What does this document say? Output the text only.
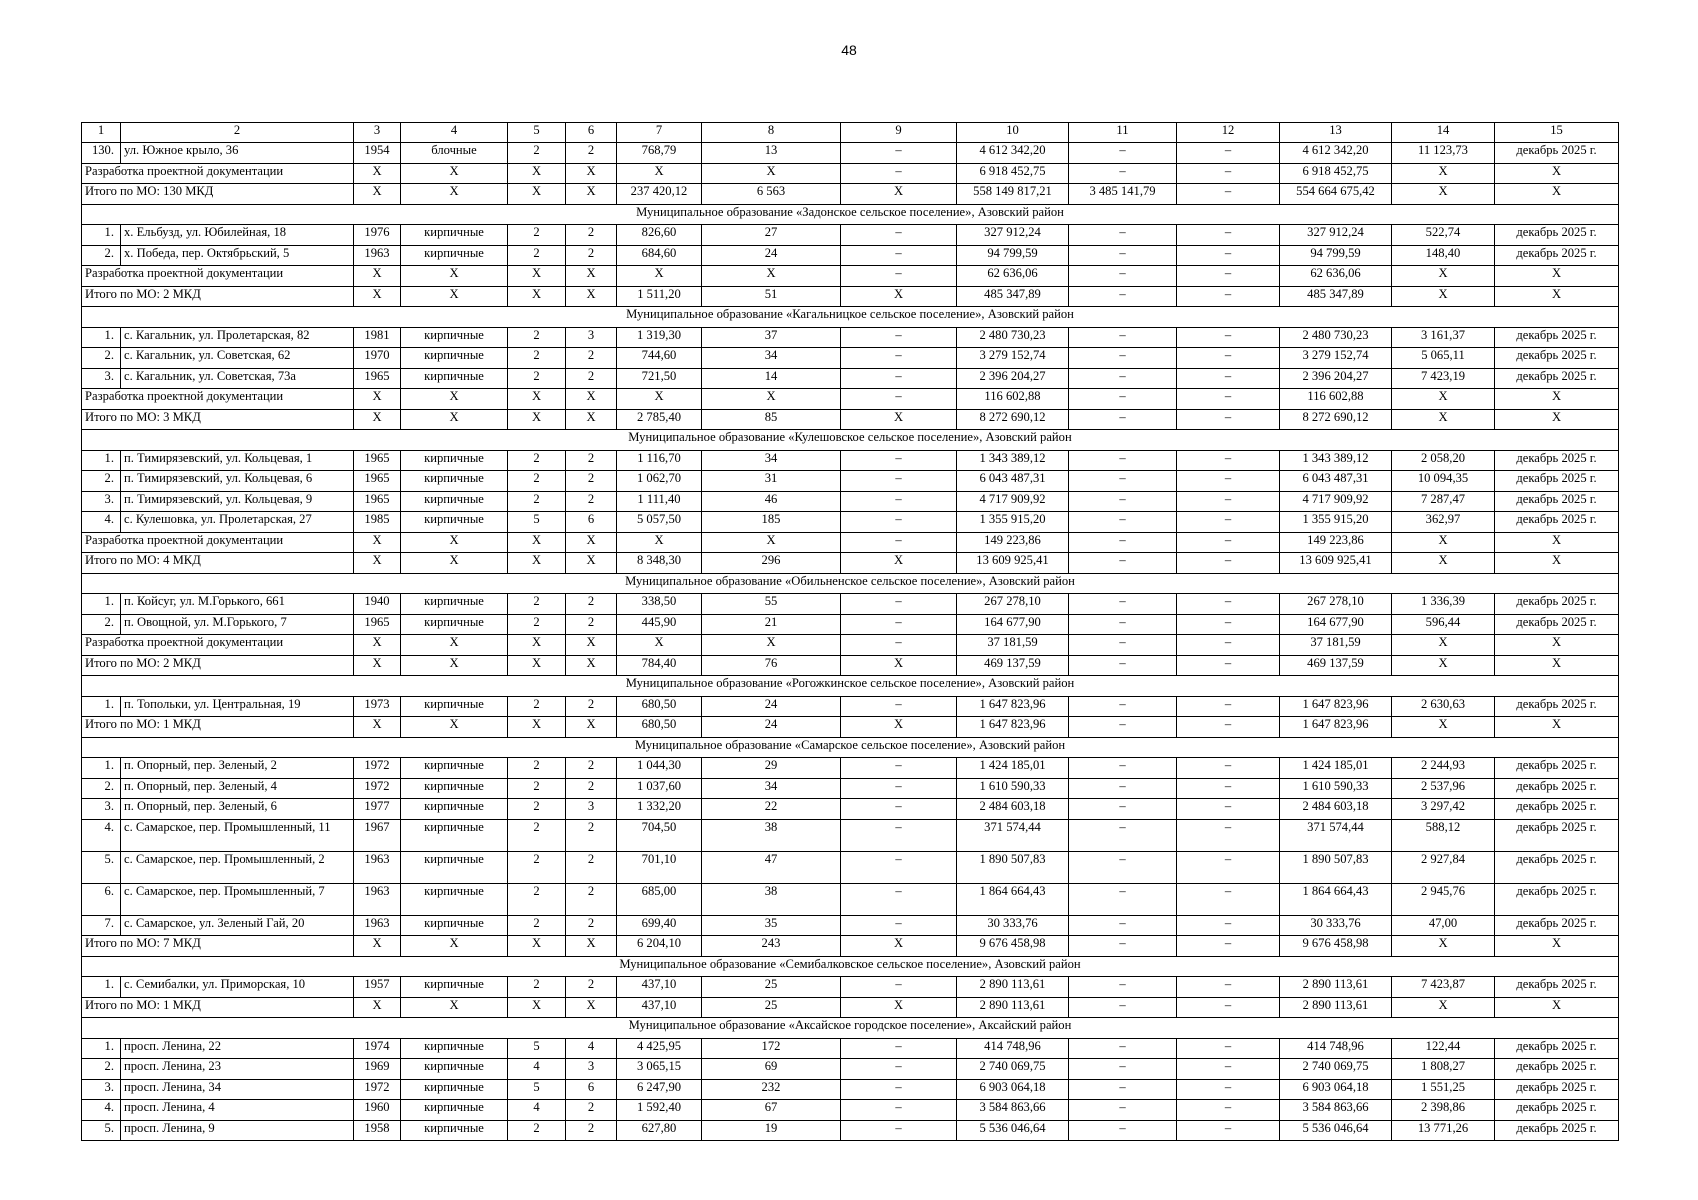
48
1	2	3	4	5	6	7	8	9	10	11	12	13	14	15
130.	ул. Южное крыло, 36	1954	блочные	2	2	768,79	13	–	4 612 342,20	–	–	4 612 342,20	11 123,73	декабрь 2025 г.
Разработка проектной документации		X	X	X	X	X	X	–	6 918 452,75	–	–	6 918 452,75	X	X
Итого по МО: 130 МКД		X	X	X	X	237 420,12	6 563	X	558 149 817,21	3 485 141,79	–	554 664 675,42	X	X
Муниципальное образование «Задонское сельское поселение», Азовский район														
1.	х. Ельбузд, ул. Юбилейная, 18	1976	кирпичные	2	2	826,60	27	–	327 912,24	–	–	327 912,24	522,74	декабрь 2025 г.
2.	х. Победа, пер. Октябрьский, 5	1963	кирпичные	2	2	684,60	24	–	94 799,59	–	–	94 799,59	148,40	декабрь 2025 г.
Разработка проектной документации		X	X	X	X	X	X	–	62 636,06	–	–	62 636,06	X	X
Итого по МО: 2 МКД		X	X	X	X	1 511,20	51	X	485 347,89	–	–	485 347,89	X	X
Муниципальное образование «Кагальницкое сельское поселение», Азовский район														
1.	с. Кагальник, ул. Пролетарская, 82	1981	кирпичные	2	3	1 319,30	37	–	2 480 730,23	–	–	2 480 730,23	3 161,37	декабрь 2025 г.
2.	с. Кагальник, ул. Советская, 62	1970	кирпичные	2	2	744,60	34	–	3 279 152,74	–	–	3 279 152,74	5 065,11	декабрь 2025 г.
3.	с. Кагальник, ул. Советская, 73а	1965	кирпичные	2	2	721,50	14	–	2 396 204,27	–	–	2 396 204,27	7 423,19	декабрь 2025 г.
Разработка проектной документации		X	X	X	X	X	X	–	116 602,88	–	–	116 602,88	X	X
Итого по МО: 3 МКД		X	X	X	X	2 785,40	85	X	8 272 690,12	–	–	8 272 690,12	X	X
Муниципальное образование «Кулешовское сельское поселение», Азовский район														
1.	п. Тимирязевский, ул. Кольцевая, 1	1965	кирпичные	2	2	1 116,70	34	–	1 343 389,12	–	–	1 343 389,12	2 058,20	декабрь 2025 г.
2.	п. Тимирязевский, ул. Кольцевая, 6	1965	кирпичные	2	2	1 062,70	31	–	6 043 487,31	–	–	6 043 487,31	10 094,35	декабрь 2025 г.
3.	п. Тимирязевский, ул. Кольцевая, 9	1965	кирпичные	2	2	1 111,40	46	–	4 717 909,92	–	–	4 717 909,92	7 287,47	декабрь 2025 г.
4.	с. Кулешовка, ул. Пролетарская, 27	1985	кирпичные	5	6	5 057,50	185	–	1 355 915,20	–	–	1 355 915,20	362,97	декабрь 2025 г.
Разработка проектной документации		X	X	X	X	X	X	–	149 223,86	–	–	149 223,86	X	X
Итого по МО: 4 МКД		X	X	X	X	8 348,30	296	X	13 609 925,41	–	–	13 609 925,41	X	X
Муниципальное образование «Обильненское сельское поселение», Азовский район														
1.	п. Койсуг, ул. М.Горького, 661	1940	кирпичные	2	2	338,50	55	–	267 278,10	–	–	267 278,10	1 336,39	декабрь 2025 г.
2.	п. Овощной, ул. М.Горького, 7	1965	кирпичные	2	2	445,90	21	–	164 677,90	–	–	164 677,90	596,44	декабрь 2025 г.
Разработка проектной документации		X	X	X	X	X	X	–	37 181,59	–	–	37 181,59	X	X
Итого по МО: 2 МКД		X	X	X	X	784,40	76	X	469 137,59	–	–	469 137,59	X	X
Муниципальное образование «Рогожкинское сельское поселение», Азовский район														
1.	п. Топольки, ул. Центральная, 19	1973	кирпичные	2	2	680,50	24	–	1 647 823,96	–	–	1 647 823,96	2 630,63	декабрь 2025 г.
Итого по МО: 1 МКД		X	X	X	X	680,50	24	X	1 647 823,96	–	–	1 647 823,96	X	X
Муниципальное образование «Самарское сельское поселение», Азовский район														
1.	п. Опорный, пер. Зеленый, 2	1972	кирпичные	2	2	1 044,30	29	–	1 424 185,01	–	–	1 424 185,01	2 244,93	декабрь 2025 г.
2.	п. Опорный, пер. Зеленый, 4	1972	кирпичные	2	2	1 037,60	34	–	1 610 590,33	–	–	1 610 590,33	2 537,96	декабрь 2025 г.
3.	п. Опорный, пер. Зеленый, 6	1977	кирпичные	2	3	1 332,20	22	–	2 484 603,18	–	–	2 484 603,18	3 297,42	декабрь 2025 г.
4.	с. Самарское, пер. Промышленный, 11	1967	кирпичные	2	2	704,50	38	–	371 574,44	–	–	371 574,44	588,12	декабрь 2025 г.
5.	с. Самарское, пер. Промышленный, 2	1963	кирпичные	2	2	701,10	47	–	1 890 507,83	–	–	1 890 507,83	2 927,84	декабрь 2025 г.
6.	с. Самарское, пер. Промышленный, 7	1963	кирпичные	2	2	685,00	38	–	1 864 664,43	–	–	1 864 664,43	2 945,76	декабрь 2025 г.
7.	с. Самарское, ул. Зеленый Гай, 20	1963	кирпичные	2	2	699,40	35	–	30 333,76	–	–	30 333,76	47,00	декабрь 2025 г.
Итого по МО: 7 МКД		X	X	X	X	6 204,10	243	X	9 676 458,98	–	–	9 676 458,98	X	X
Муниципальное образование «Семибалковское сельское поселение», Азовский район														
1.	с. Семибалки, ул. Приморская, 10	1957	кирпичные	2	2	437,10	25	–	2 890 113,61	–	–	2 890 113,61	7 423,87	декабрь 2025 г.
Итого по МО: 1 МКД		X	X	X	X	437,10	25	X	2 890 113,61	–	–	2 890 113,61	X	X
Муниципальное образование «Аксайское городское поселение», Аксайский район														
1.	просп. Ленина, 22	1974	кирпичные	5	4	4 425,95	172	–	414 748,96	–	–	414 748,96	122,44	декабрь 2025 г.
2.	просп. Ленина, 23	1969	кирпичные	4	3	3 065,15	69	–	2 740 069,75	–	–	2 740 069,75	1 808,27	декабрь 2025 г.
3.	просп. Ленина, 34	1972	кирпичные	5	6	6 247,90	232	–	6 903 064,18	–	–	6 903 064,18	1 551,25	декабрь 2025 г.
4.	просп. Ленина, 4	1960	кирпичные	4	2	1 592,40	67	–	3 584 863,66	–	–	3 584 863,66	2 398,86	декабрь 2025 г.
5.	просп. Ленина, 9	1958	кирпичные	2	2	627,80	19	–	5 536 046,64	–	–	5 536 046,64	13 771,26	декабрь 2025 г.
